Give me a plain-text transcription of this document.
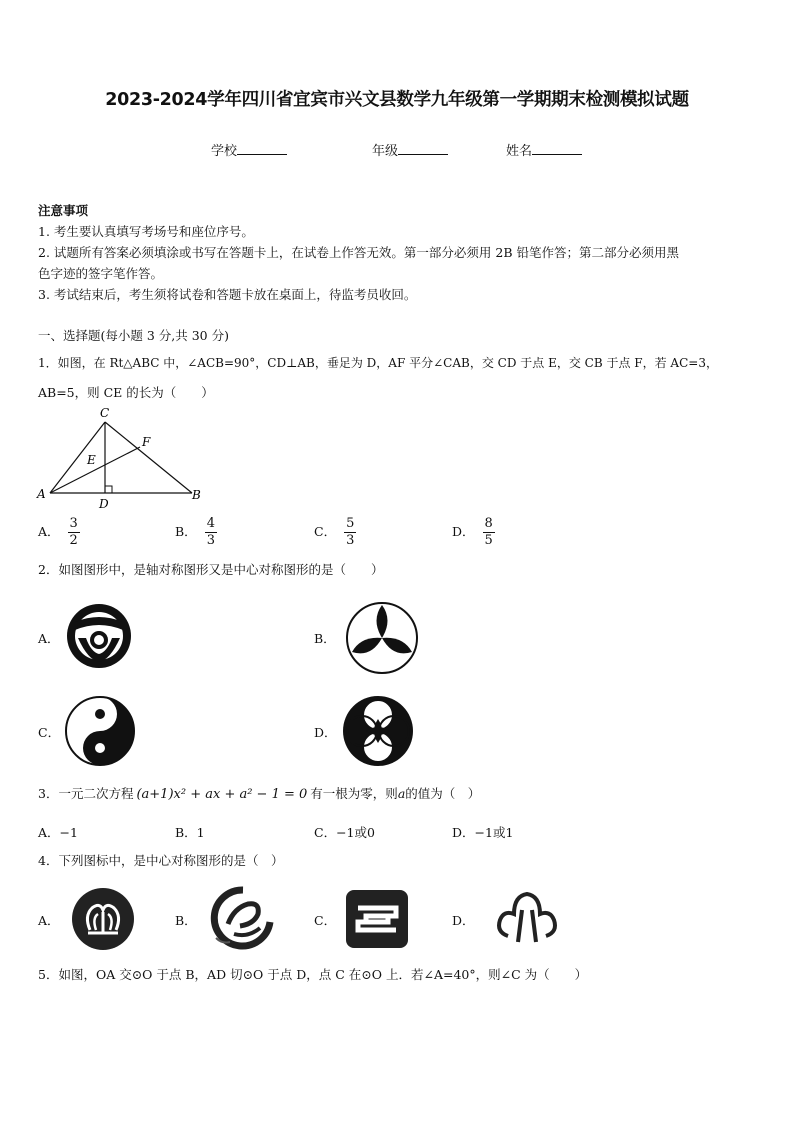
2023-2024学年四川省宜宾市兴文县数学九年级第一学期期末检测模拟试题
学校	年级	姓名
注意事项
1. 考生要认真填写考场号和座位序号。
2. 试题所有答案必须填涂或书写在答题卡上，在试卷上作答无效。第一部分必须用 2B 铅笔作答；第二部分必须用黑
色字迹的签字笔作答。
3. 考试结束后，考生须将试卷和答题卡放在桌面上，待监考员收回。
一、选择题(每小题 3 分,共 30 分)
1．如图，在 Rt△ABC 中，∠ACB=90°，CD⊥AB，垂足为 D，AF 平分∠CAB，交 CD 于点 E，交 CB 于点 F，若 AC=3，
AB=5，则 CE 的长为（　　）
C
F
E
A
D
B
A． $\frac{3}{2}$	B． $\frac{4}{3}$	C． $\frac{5}{3}$	D． $\frac{8}{5}$
2．如图图形中，是轴对称图形又是中心对称图形的是（　　）
A．	B．
C．	D．
3．一元二次方程 (a+1)x² + ax + a² − 1 = 0 有一根为零，则a的值为（　）
A．−1	B．1	C．−1或0	D．−1或1
4．下列图标中，是中心对称图形的是（　）
A．	B．	C．	D．
5．如图，OA 交⊙O 于点 B，AD 切⊙O 于点 D，点 C 在⊙O 上．若∠A=40°，则∠C 为（　　）
